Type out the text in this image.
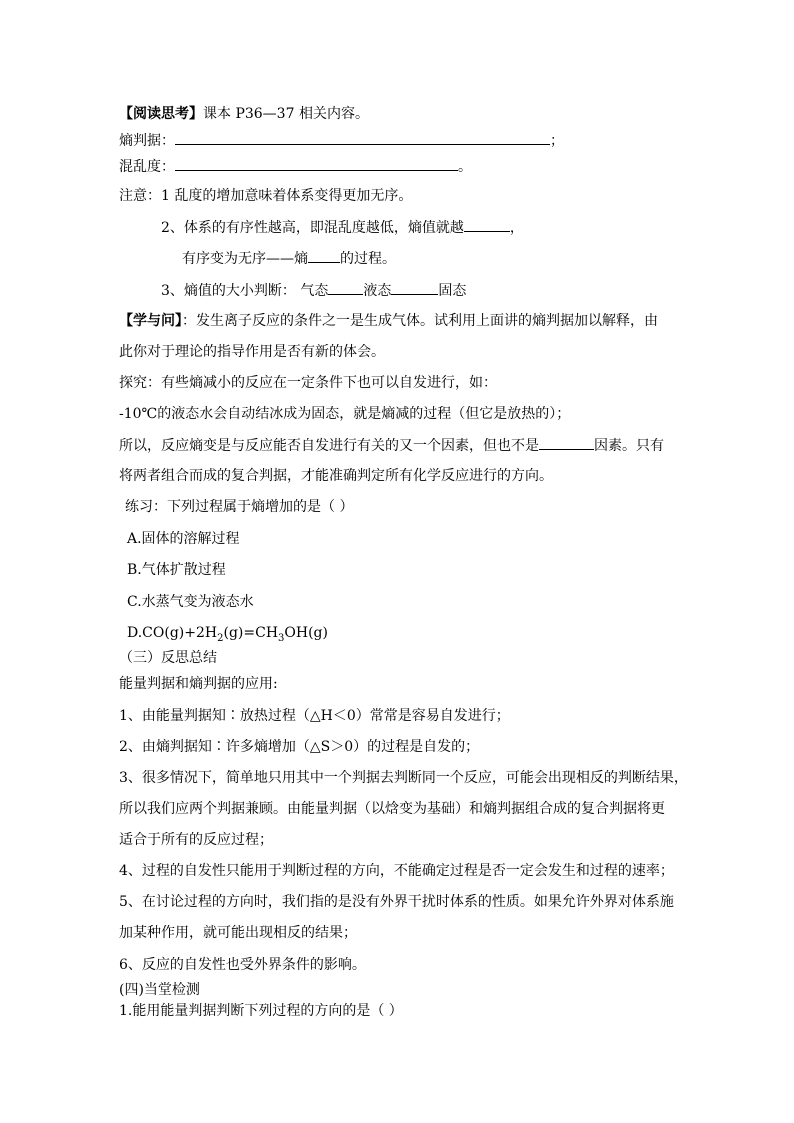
【阅读思考】课本 P36—37 相关内容。
熵判据：	；
混乱度：	。
注意：1 乱度的增加意味着体系变得更加无序。
2、体系的有序性越高，即混乱度越低，熵值就越	，
有序变为无序——熵 的过程。
3、熵值的大小判断： 气态	液态	固态
【学与问】：发生离子反应的条件之一是生成气体。试利用上面讲的熵判据加以解释，由
此你对于理论的指导作用是否有新的体会。
探究：有些熵减小的反应在一定条件下也可以自发进行，如：
-10℃的液态水会自动结冰成为固态，就是熵减的过程（但它是放热的）；
所以，反应熵变是与反应能否自发进行有关的又一个因素，但也不是	因素。只有
将两者组合而成的复合判据，才能准确判定所有化学反应进行的方向。
练习：下列过程属于熵增加的是（ ）
A.固体的溶解过程
B.气体扩散过程
C.水蒸气变为液态水
$D.CO(g)+2H_2(g)=CH_3OH(g)$
（三）反思总结
能量判据和熵判据的应用:
1、由能量判据知∶放热过程（△H＜0）常常是容易自发进行；
2、由熵判据知∶许多熵增加（△S＞0）的过程是自发的；
3、很多情况下，简单地只用其中一个判据去判断同一个反应，可能会出现相反的判断结果，
所以我们应两个判据兼顾。由能量判据（以焓变为基础）和熵判据组合成的复合判据将更
适合于所有的反应过程；
4、过程的自发性只能用于判断过程的方向，不能确定过程是否一定会发生和过程的速率；
5、在讨论过程的方向时，我们指的是没有外界干扰时体系的性质。如果允许外界对体系施
加某种作用，就可能出现相反的结果；
6、反应的自发性也受外界条件的影响。
(四)当堂检测
1.能用能量判据判断下列过程的方向的是（ ）
